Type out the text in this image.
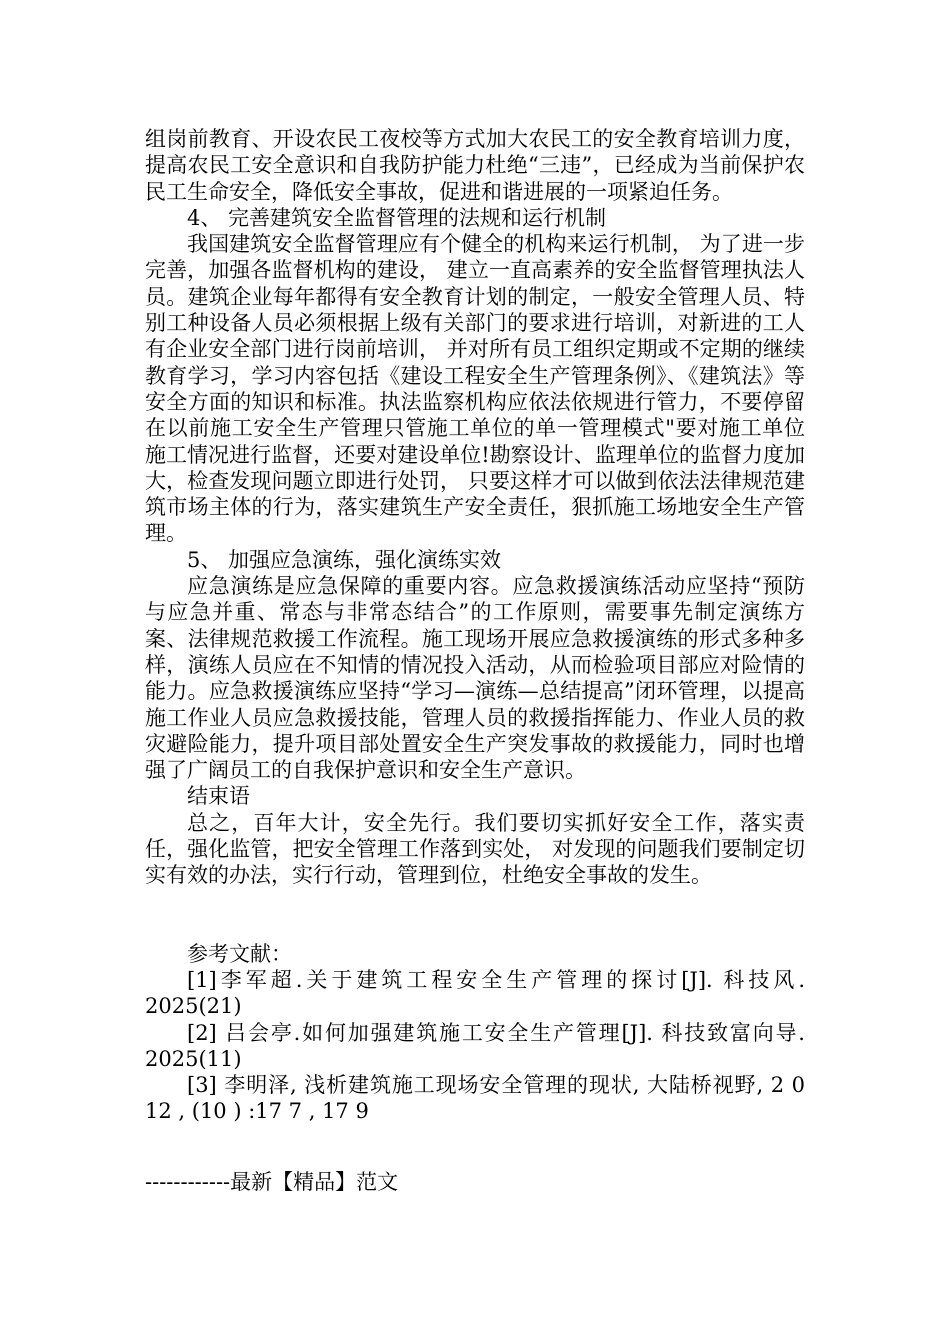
组岗前教育、开设农民工夜校等方式加大农民工的安全教育培训力度，提高农民工安全意识和自我防护能力杜绝“三违”，已经成为当前保护农民工生命安全，降低安全事故，促进和谐进展的一项紧迫任务。

4、 完善建筑安全监督管理的法规和运行机制

我国建筑安全监督管理应有个健全的机构来运行机制， 为了进一步完善，加强各监督机构的建设， 建立一直高素养的安全监督管理执法人员。建筑企业每年都得有安全教育计划的制定，一般安全管理人员、特别工种设备人员必须根据上级有关部门的要求进行培训，对新进的工人有企业安全部门进行岗前培训， 并对所有员工组织定期或不定期的继续教育学习，学习内容包括《建设工程安全生产管理条例》、《建筑法》等安全方面的知识和标准。执法监察机构应依法依规进行管力，不要停留在以前施工安全生产管理只管施工单位的单一管理模式"要对施工单位施工情况进行监督，还要对建设单位!勘察设计、监理单位的监督力度加大，检查发现问题立即进行处罚， 只要这样才可以做到依法法律规范建筑市场主体的行为，落实建筑生产安全责任，狠抓施工场地安全生产管理。

5、 加强应急演练，强化演练实效

应急演练是应急保障的重要内容。应急救援演练活动应坚持“预防与应急并重、常态与非常态结合”的工作原则，需要事先制定演练方案、法律规范救援工作流程。施工现场开展应急救援演练的形式多种多样，演练人员应在不知情的情况投入活动，从而检验项目部应对险情的能力。应急救援演练应坚持“学习—演练—总结提高”闭环管理，以提高施工作业人员应急救援技能，管理人员的救援指挥能力、作业人员的救灾避险能力，提升项目部处置安全生产突发事故的救援能力，同时也增强了广阔员工的自我保护意识和安全生产意识。

结束语

总之，百年大计，安全先行。我们要切实抓好安全工作，落实责任，强化监管，把安全管理工作落到实处， 对发现的问题我们要制定切实有效的办法，实行行动，管理到位，杜绝安全事故的发生。

参考文献：

[1]李军超.关于建筑工程安全生产管理的探讨[J]. 科技风. 2025(21)

[2] 吕会亭.如何加强建筑施工安全生产管理[J]. 科技致富向导. 2025(11)

[3] 李明泽, 浅析建筑施工现场安全管理的现状, 大陆桥视野, 2 0 12 , (10 ) :17 7 , 17 9

------------最新【精品】范文
